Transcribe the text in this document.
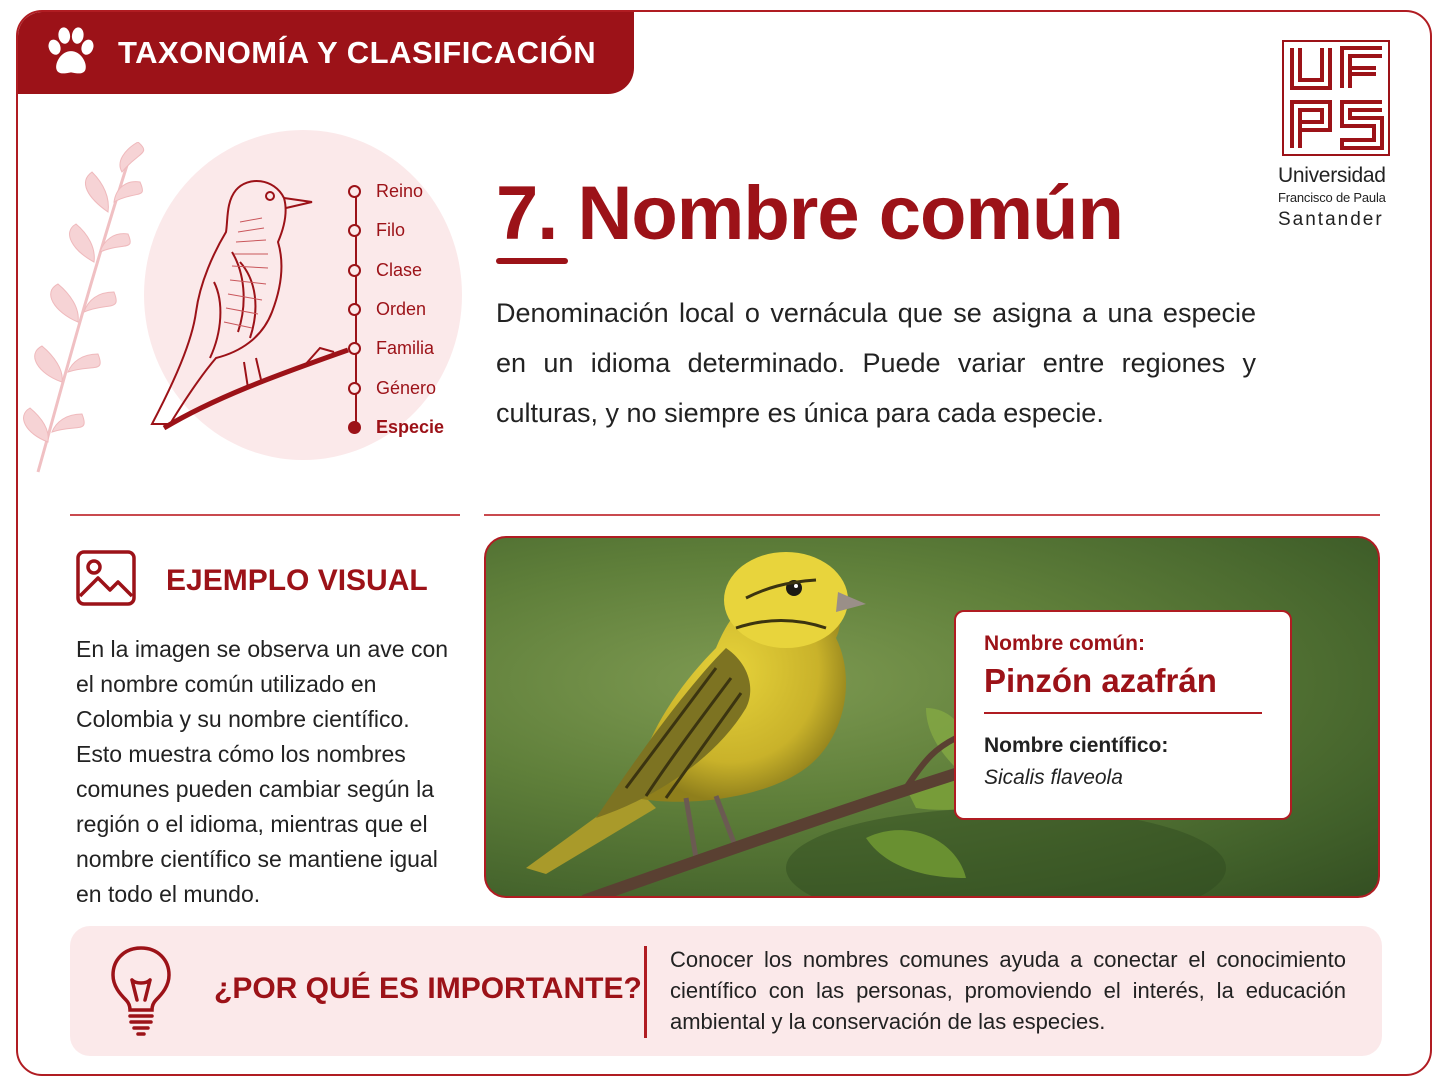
TAXONOMÍA Y CLASIFICACIÓN
Universidad
Francisco de Paula
Santander
Reino
Filo
Clase
Orden
Familia
Género
Especie
7. Nombre común
Denominación local o vernácula que se asigna a una especie en un idioma determinado. Puede variar entre regiones y culturas, y no siempre es única para cada especie.
EJEMPLO VISUAL
En la imagen se observa un ave con el nombre común utilizado en Colombia y su nombre científico. Esto muestra cómo los nombres comunes pueden cambiar según la región o el idioma, mientras que el nombre científico se mantiene igual en todo el mundo.
Nombre común:
Pinzón azafrán
Nombre científico:
Sicalis flaveola
¿POR QUÉ ES IMPORTANTE?
Conocer los nombres comunes ayuda a conectar el conocimiento científico con las personas, promoviendo el interés, la educación ambiental y la conservación de las especies.
